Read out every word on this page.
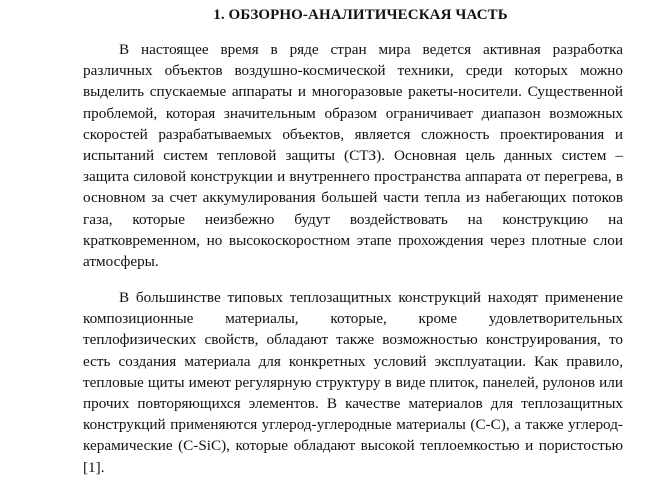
1. ОБЗОРНО-АНАЛИТИЧЕСКАЯ ЧАСТЬ

В настоящее время в ряде стран мира ведется активная разработка различных объектов воздушно-космической техники, среди которых можно выделить спускаемые аппараты и многоразовые ракеты-носители. Существенной проблемой, которая значительным образом ограничивает диапазон возможных скоростей разрабатываемых объектов, является сложность проектирования и испытаний систем тепловой защиты (СТЗ). Основная цель данных систем – защита силовой конструкции и внутреннего пространства аппарата от перегрева, в основном за счет аккумулирования большей части тепла из набегающих потоков газа, которые неизбежно будут воздействовать на конструкцию на кратковременном, но высокоскоростном этапе прохождения через плотные слои атмосферы.

В большинстве типовых теплозащитных конструкций находят применение композиционные материалы, которые, кроме удовлетворительных теплофизических свойств, обладают также возможностью конструирования, то есть создания материала для конкретных условий эксплуатации. Как правило, тепловые щиты имеют регулярную структуру в виде плиток, панелей, рулонов или прочих повторяющихся элементов. В качестве материалов для теплозащитных конструкций применяются углерод-углеродные материалы (C-C), а также углерод-керамические (C-SiC), которые обладают высокой теплоемкостью и пористостью [1].
